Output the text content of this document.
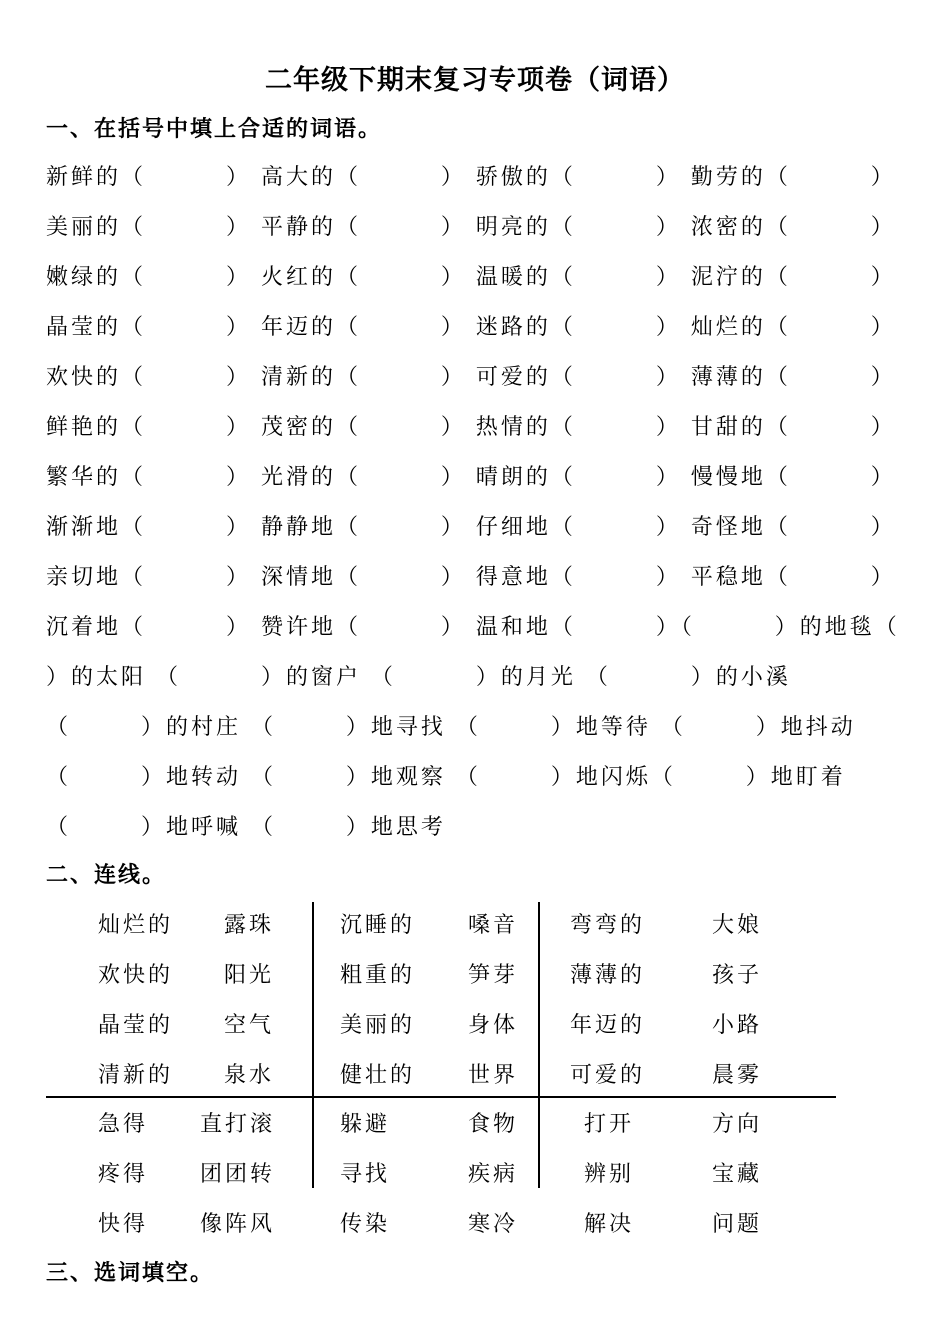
二年级下期末复习专项卷（词语）
一、在括号中填上合适的词语。
新鲜的（        ） 高大的（        ） 骄傲的（        ） 勤劳的（        ）
美丽的（        ） 平静的（        ） 明亮的（        ） 浓密的（        ）
嫩绿的（        ） 火红的（        ） 温暖的（        ） 泥泞的（        ）
晶莹的（        ） 年迈的（        ） 迷路的（        ） 灿烂的（        ）
欢快的（        ） 清新的（        ） 可爱的（        ） 薄薄的（        ）
鲜艳的（        ） 茂密的（        ） 热情的（        ） 甘甜的（        ）
繁华的（        ） 光滑的（        ） 晴朗的（        ） 慢慢地（        ）
渐渐地（        ） 静静地（        ） 仔细地（        ） 奇怪地（        ）
亲切地（        ） 深情地（        ） 得意地（        ） 平稳地（        ）
沉着地（        ） 赞许地（        ） 温和地（        ）（        ）的地毯（
）的太阳 （        ）的窗户 （        ）的月光 （        ）的小溪
（       ）的村庄 （       ）地寻找 （       ）地等待 （       ）地抖动
（       ）地转动 （       ）地观察 （       ）地闪烁（       ）地盯着
（       ）地呼喊 （       ）地思考
二、连线。
灿烂的 露珠	沉睡的 嗓音 弯弯的	大娘
欢快的 阳光	粗重的 笋芽 薄薄的	孩子
晶莹的 空气	美丽的 身体 年迈的	小路
清新的 泉水	健壮的 世界 可爱的	晨雾
急得 直打滚	躲避	食物	打开	方向
疼得 团团转	寻找	疾病	辨别	宝藏
快得 像阵风	传染	寒冷	解决	问题
三、选词填空。
